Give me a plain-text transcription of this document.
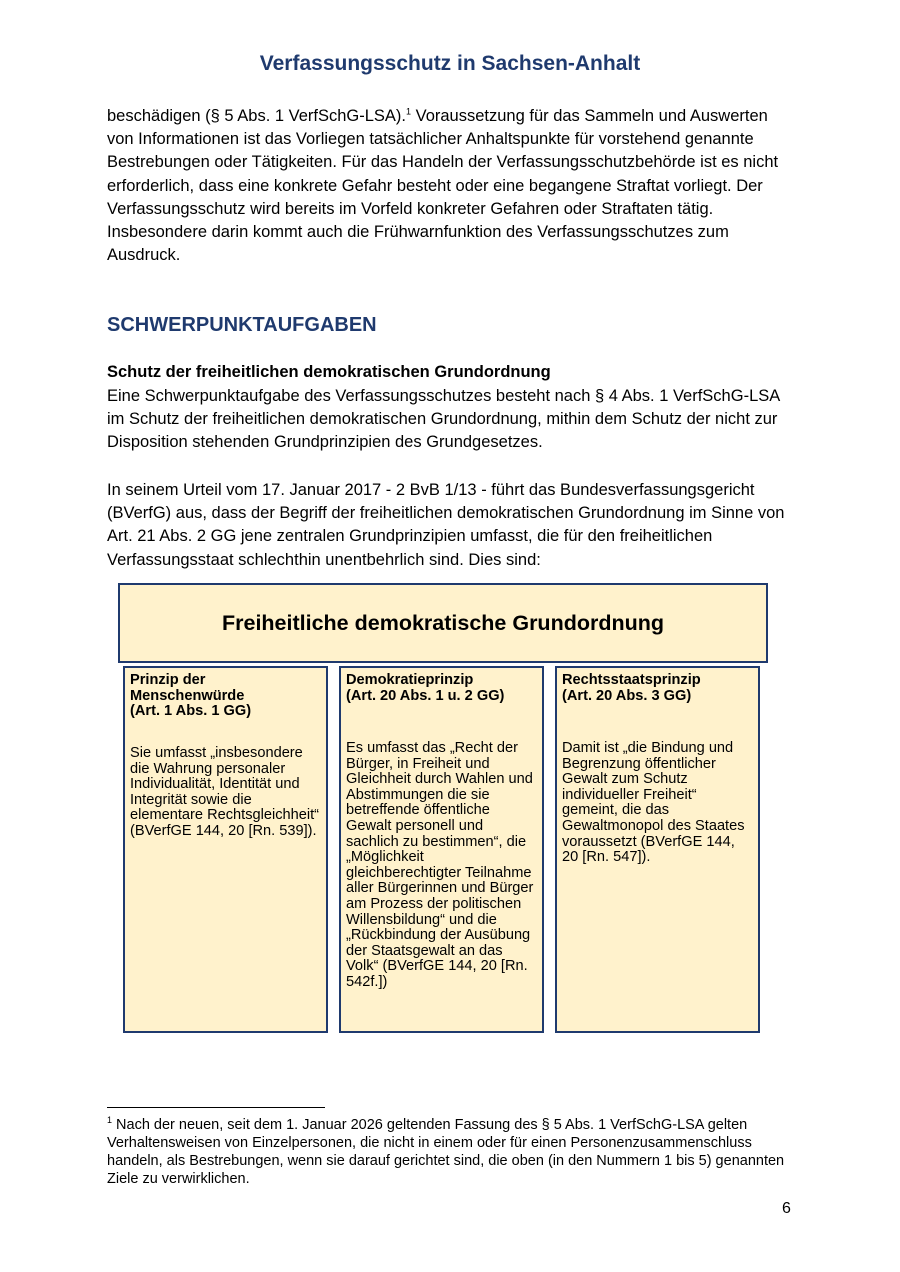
Verfassungsschutz in Sachsen-Anhalt

beschädigen (§ 5 Abs. 1 VerfSchG-LSA).$^1$ Voraussetzung für das Sammeln und Auswerten von Informationen ist das Vorliegen tatsächlicher Anhaltspunkte für vorstehend genannte Bestrebungen oder Tätigkeiten. Für das Handeln der Verfassungsschutzbehörde ist es nicht erforderlich, dass eine konkrete Gefahr besteht oder eine begangene Straftat vorliegt. Der Verfassungsschutz wird bereits im Vorfeld konkreter Gefahren oder Straftaten tätig. Insbesondere darin kommt auch die Frühwarnfunktion des Verfassungsschutzes zum Ausdruck.

SCHWERPUNKTAUFGABEN
Schutz der freiheitlichen demokratischen Grundordnung

Eine Schwerpunktaufgabe des Verfassungsschutzes besteht nach § 4 Abs. 1 VerfSchG-LSA im Schutz der freiheitlichen demokratischen Grundordnung, mithin dem Schutz der nicht zur Disposition stehenden Grundprinzipien des Grundgesetzes.

In seinem Urteil vom 17. Januar 2017 - 2 BvB 1/13 - führt das Bundesverfassungsgericht (BVerfG) aus, dass der Begriff der freiheitlichen demokratischen Grundordnung im Sinne von Art. 21 Abs. 2 GG jene zentralen Grundprinzipien umfasst, die für den freiheitlichen Verfassungsstaat schlechthin unentbehrlich sind. Dies sind:

Freiheitliche demokratische Grundordnung

Prinzip der
Menschenwürde
(Art. 1 Abs. 1 GG)

Sie umfasst „insbesondere die Wahrung personaler Individualität, Identität und Integrität sowie die elementare Rechtsgleichheit“ (BVerfGE 144, 20 [Rn. 539]).

Demokratieprinzip
(Art. 20 Abs. 1 u. 2 GG)

Es umfasst das „Recht der Bürger, in Freiheit und Gleichheit durch Wahlen und Abstimmungen die sie betreffende öffentliche Gewalt personell und sachlich zu bestimmen“, die „Möglichkeit gleichberechtigter Teilnahme aller Bürgerinnen und Bürger am Prozess der politischen Willensbildung“ und die „Rückbindung der Ausübung der Staatsgewalt an das Volk“ (BVerfGE 144, 20 [Rn. 542f.])

Rechtsstaatsprinzip
(Art. 20 Abs. 3 GG)

Damit ist „die Bindung und Begrenzung öffentlicher Gewalt zum Schutz individueller Freiheit“ gemeint, die das Gewaltmonopol des Staates voraussetzt (BVerfGE 144, 20 [Rn. 547]).

$^1$ Nach der neuen, seit dem 1. Januar 2026 geltenden Fassung des § 5 Abs. 1 VerfSchG-LSA gelten Verhaltensweisen von Einzelpersonen, die nicht in einem oder für einen Personenzusammenschluss handeln, als Bestrebungen, wenn sie darauf gerichtet sind, die oben (in den Nummern 1 bis 5) genannten Ziele zu verwirklichen.

6
